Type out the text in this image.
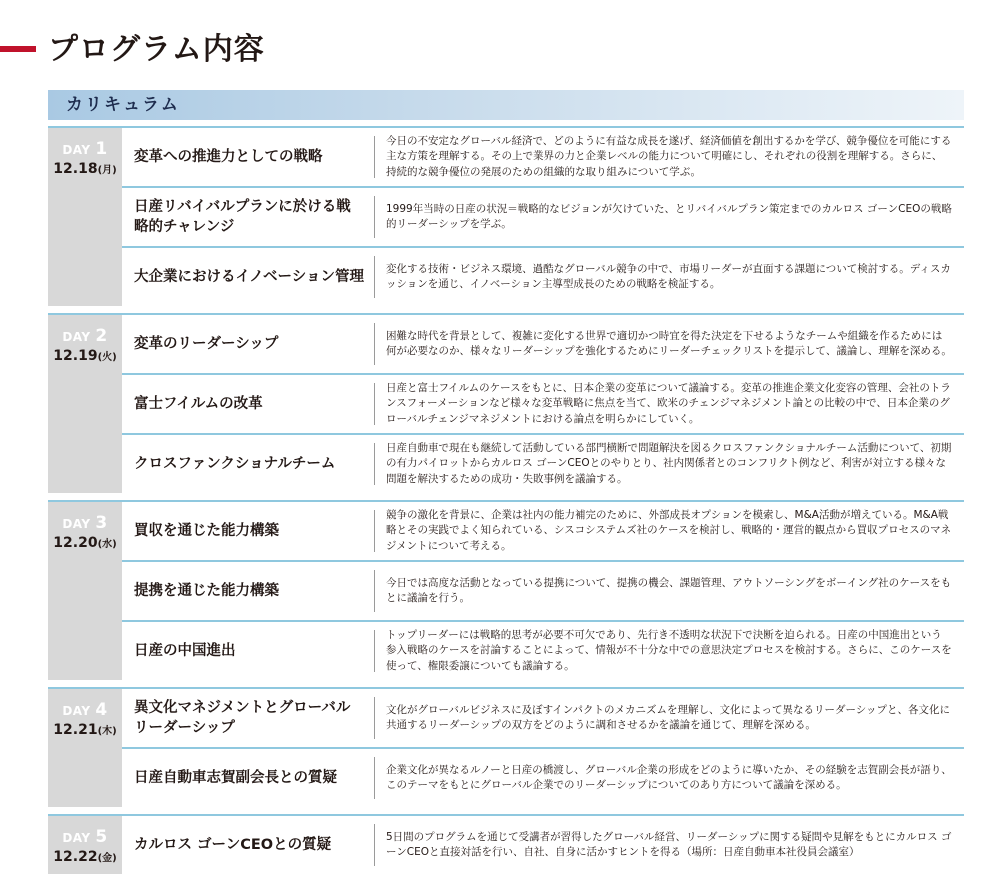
プログラム内容
カリキュラム
DAY 1
12.18(月)
変革への推進力としての戦略
今日の不安定なグローバル経済で、どのように有益な成長を遂げ、経済価値を創出するかを学び、競争優位を可能にする主な方策を理解する。その上で業界の力と企業レベルの能力について明確にし、それぞれの役割を理解する。さらに、持続的な競争優位の発展のための組織的な取り組みについて学ぶ。
日産リバイバルプランに於ける戦略的チャレンジ
1999年当時の日産の状況＝戦略的なビジョンが欠けていた、とリバイバルプラン策定までのカルロス ゴーンCEOの戦略的リーダーシップを学ぶ。
大企業におけるイノベーション管理
変化する技術・ビジネス環境、過酷なグローバル競争の中で、市場リーダーが直面する課題について検討する。ディスカッションを通じ、イノベーション主導型成長のための戦略を検証する。
DAY 2
12.19(火)
変革のリーダーシップ
困難な時代を背景として、複雑に変化する世界で適切かつ時宜を得た決定を下せるようなチームや組織を作るためには何が必要なのか、様々なリーダーシップを強化するためにリーダーチェックリストを提示して、議論し、理解を深める。
富士フイルムの改革
日産と富士フイルムのケースをもとに、日本企業の変革について議論する。変革の推進企業文化変容の管理、会社のトランスフォーメーションなど様々な変革戦略に焦点を当て、欧米のチェンジマネジメント論との比較の中で、日本企業のグローバルチェンジマネジメントにおける論点を明らかにしていく。
クロスファンクショナルチーム
日産自動車で現在も継続して活動している部門横断で問題解決を図るクロスファンクショナルチーム活動について、初期の有力パイロットからカルロス ゴーンCEOとのやりとり、社内関係者とのコンフリクト例など、利害が対立する様々な問題を解決するための成功・失敗事例を議論する。
DAY 3
12.20(水)
買収を通じた能力構築
競争の激化を背景に、企業は社内の能力補完のために、外部成長オプションを模索し、M&A活動が増えている。M&A戦略とその実践でよく知られている、シスコシステムズ社のケースを検討し、戦略的・運営的観点から買収プロセスのマネジメントについて考える。
提携を通じた能力構築
今日では高度な活動となっている提携について、提携の機会、課題管理、アウトソーシングをボーイング社のケースをもとに議論を行う。
日産の中国進出
トップリーダーには戦略的思考が必要不可欠であり、先行き不透明な状況下で決断を迫られる。日産の中国進出という参入戦略のケースを討論することによって、情報が不十分な中での意思決定プロセスを検討する。さらに、このケースを使って、権限委譲についても議論する。
DAY 4
12.21(木)
異文化マネジメントとグローバルリーダーシップ
文化がグローバルビジネスに及ぼすインパクトのメカニズムを理解し、文化によって異なるリーダーシップと、各文化に共通するリーダーシップの双方をどのように調和させるかを議論を通じて、理解を深める。
日産自動車志賀副会長との質疑
企業文化が異なるルノーと日産の橋渡し、グローバル企業の形成をどのように導いたか、その経験を志賀副会長が語り、このテーマをもとにグローバル企業でのリーダーシップについてのあり方について議論を深める。
DAY 5
12.22(金)
カルロス ゴーンCEOとの質疑
5日間のプログラムを通じて受講者が習得したグローバル経営、リーダーシップに関する疑問や見解をもとにカルロス ゴーンCEOと直接対話を行い、自社、自身に活かすヒントを得る（場所：日産自動車本社役員会議室）
